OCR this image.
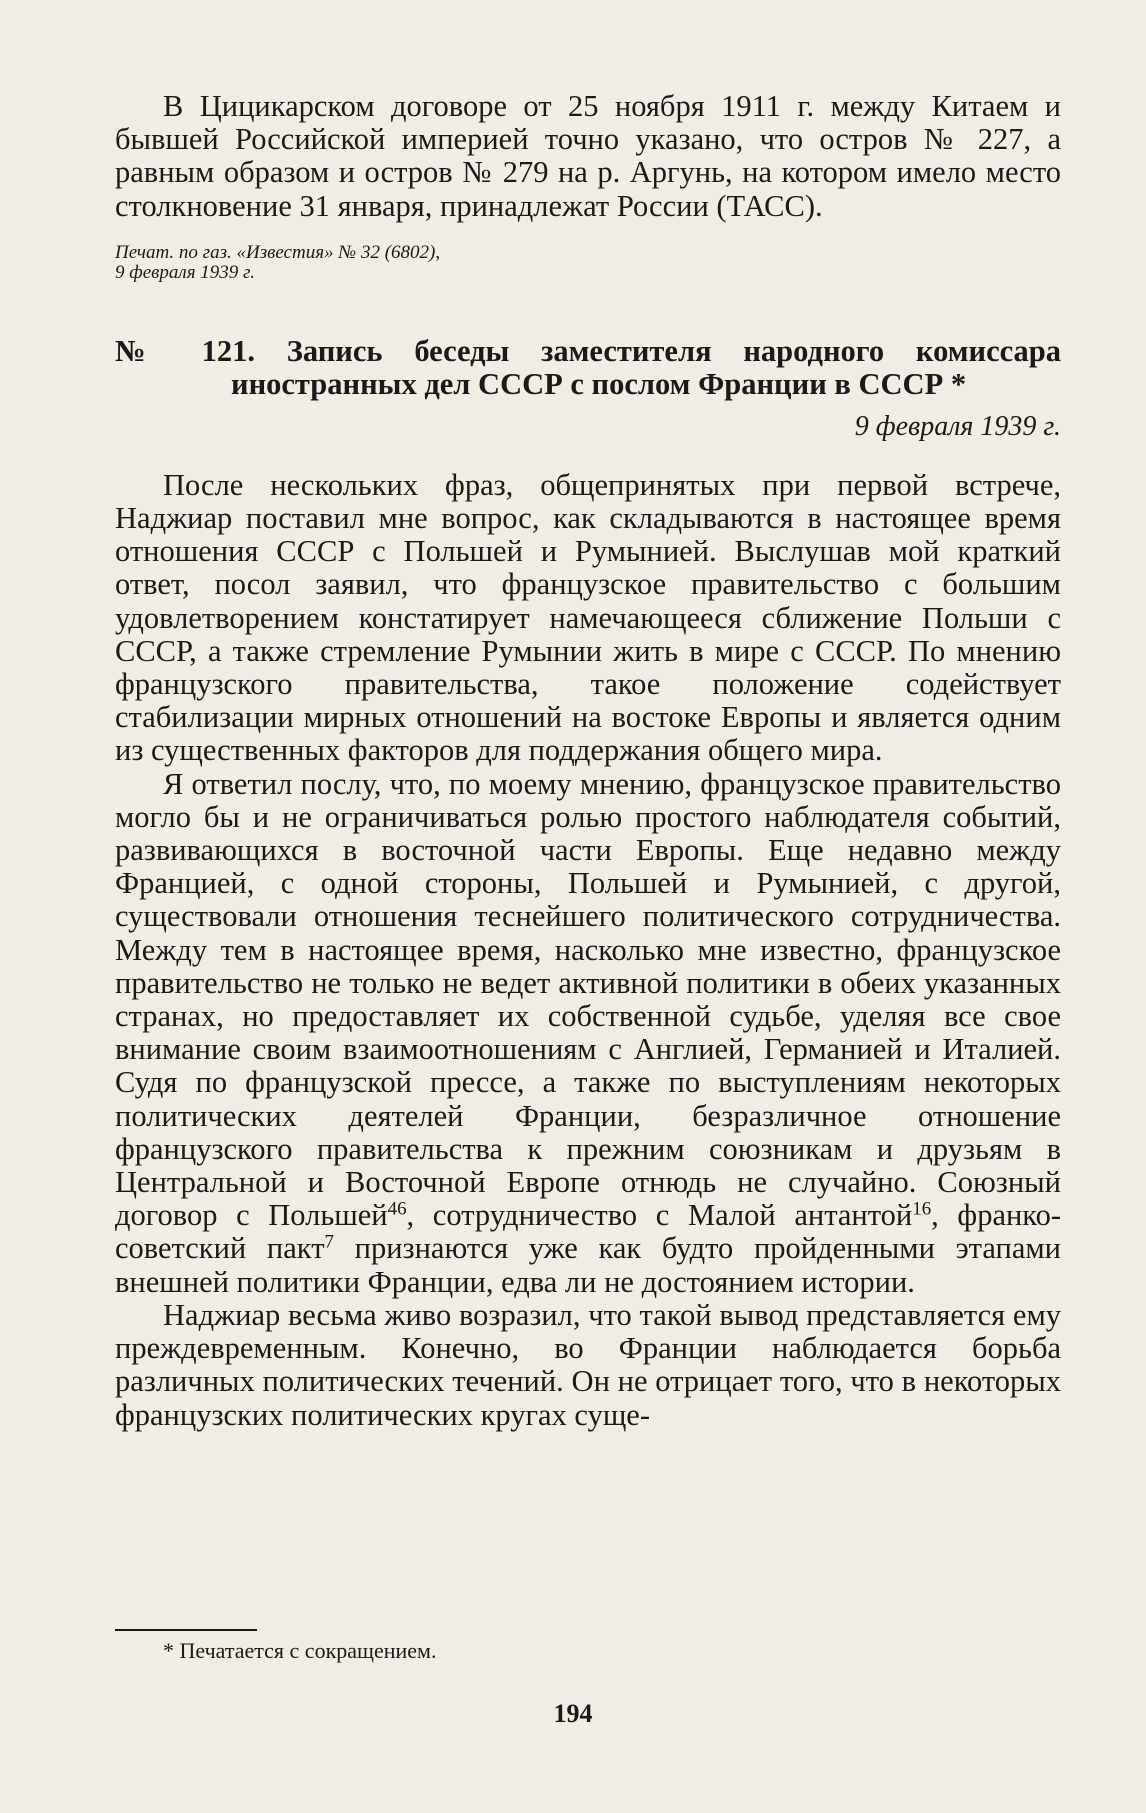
В Цицикарском договоре от 25 ноября 1911 г. между Китаем и бывшей Российской империей точно указано, что остров № 227, а равным образом и остров № 279 на р. Аргунь, на котором имело место столкновение 31 января, принадлежат России (ТАСС).

Печат. по газ. «Известия» № 32 (6802),
9 февраля 1939 г.

№ 121. Запись беседы заместителя народного комиссара иностранных дел СССР с послом Франции в СССР *

9 февраля 1939 г.

После нескольких фраз, общепринятых при первой встрече, Наджиар поставил мне вопрос, как складываются в настоящее время отношения СССР с Польшей и Румынией. Выслушав мой краткий ответ, посол заявил, что французское правительство с большим удовлетворением констатирует намечающееся сближение Польши с СССР, а также стремление Румынии жить в мире с СССР. По мнению французского правительства, такое положение содействует стабилизации мирных отношений на востоке Европы и является одним из существенных факторов для поддержания общего мира.

Я ответил послу, что, по моему мнению, французское правительство могло бы и не ограничиваться ролью простого наблюдателя событий, развивающихся в восточной части Европы. Еще недавно между Францией, с одной стороны, Польшей и Румынией, с другой, существовали отношения теснейшего политического сотрудничества. Между тем в настоящее время, насколько мне известно, французское правительство не только не ведет активной политики в обеих указанных странах, но предоставляет их собственной судьбе, уделяя все свое внимание своим взаимоотношениям с Англией, Германией и Италией. Судя по французской прессе, а также по выступлениям некоторых политических деятелей Франции, безразличное отношение французского правительства к прежним союзникам и друзьям в Центральной и Восточной Европе отнюдь не случайно. Союзный договор с Польшей$^{46}$, сотрудничество с Малой антантой$^{16}$, франко-советский пакт$^7$ признаются уже как будто пройденными этапами внешней политики Франции, едва ли не достоянием истории.

Наджиар весьма живо возразил, что такой вывод представляется ему преждевременным. Конечно, во Франции наблюдается борьба различных политических течений. Он не отрицает того, что в некоторых французских политических кругах суще-

* Печатается с сокращением.
194
